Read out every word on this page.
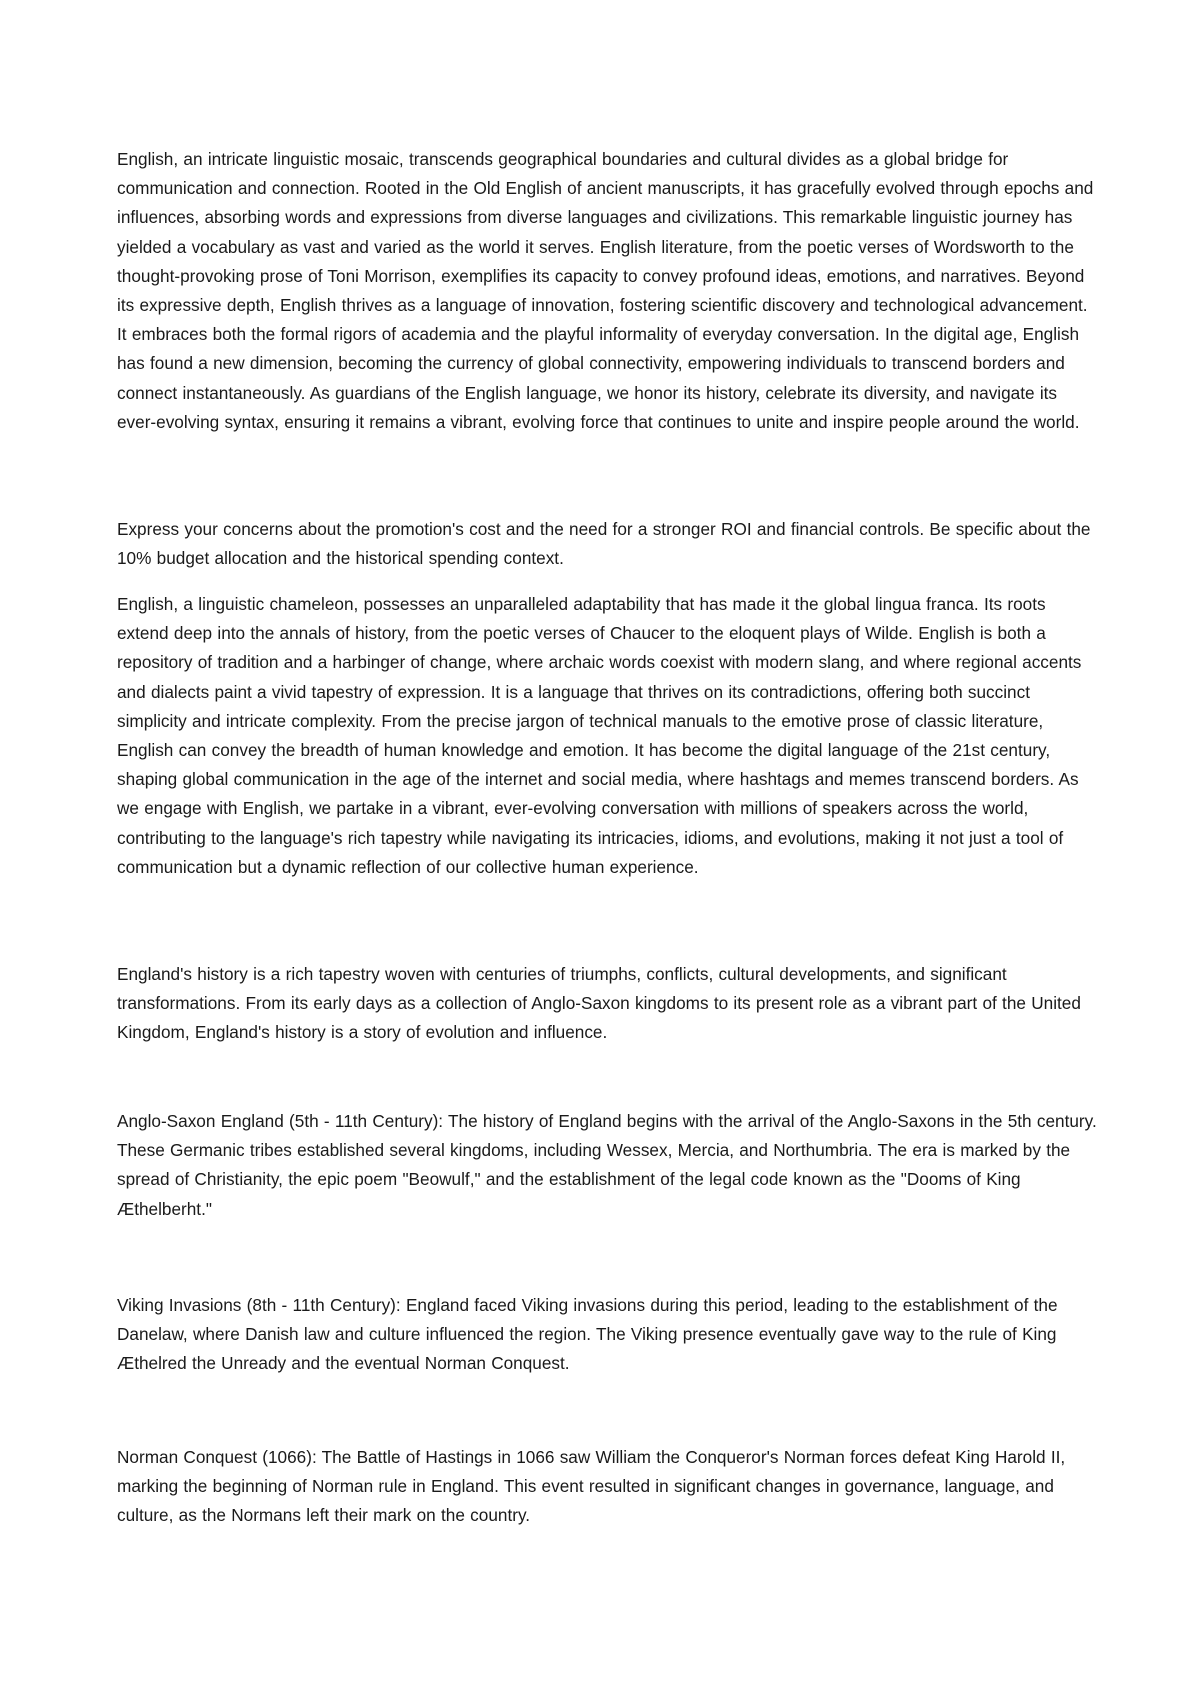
English, an intricate linguistic mosaic, transcends geographical boundaries and cultural divides as a global bridge for communication and connection. Rooted in the Old English of ancient manuscripts, it has gracefully evolved through epochs and influences, absorbing words and expressions from diverse languages and civilizations. This remarkable linguistic journey has yielded a vocabulary as vast and varied as the world it serves. English literature, from the poetic verses of Wordsworth to the thought-provoking prose of Toni Morrison, exemplifies its capacity to convey profound ideas, emotions, and narratives. Beyond its expressive depth, English thrives as a language of innovation, fostering scientific discovery and technological advancement. It embraces both the formal rigors of academia and the playful informality of everyday conversation. In the digital age, English has found a new dimension, becoming the currency of global connectivity, empowering individuals to transcend borders and connect instantaneously. As guardians of the English language, we honor its history, celebrate its diversity, and navigate its ever-evolving syntax, ensuring it remains a vibrant, evolving force that continues to unite and inspire people around the world.

Express your concerns about the promotion's cost and the need for a stronger ROI and financial controls. Be specific about the 10% budget allocation and the historical spending context.

English, a linguistic chameleon, possesses an unparalleled adaptability that has made it the global lingua franca. Its roots extend deep into the annals of history, from the poetic verses of Chaucer to the eloquent plays of Wilde. English is both a repository of tradition and a harbinger of change, where archaic words coexist with modern slang, and where regional accents and dialects paint a vivid tapestry of expression. It is a language that thrives on its contradictions, offering both succinct simplicity and intricate complexity. From the precise jargon of technical manuals to the emotive prose of classic literature, English can convey the breadth of human knowledge and emotion. It has become the digital language of the 21st century, shaping global communication in the age of the internet and social media, where hashtags and memes transcend borders. As we engage with English, we partake in a vibrant, ever-evolving conversation with millions of speakers across the world, contributing to the language's rich tapestry while navigating its intricacies, idioms, and evolutions, making it not just a tool of communication but a dynamic reflection of our collective human experience.

England's history is a rich tapestry woven with centuries of triumphs, conflicts, cultural developments, and significant transformations. From its early days as a collection of Anglo-Saxon kingdoms to its present role as a vibrant part of the United Kingdom, England's history is a story of evolution and influence.

Anglo-Saxon England (5th - 11th Century): The history of England begins with the arrival of the Anglo-Saxons in the 5th century. These Germanic tribes established several kingdoms, including Wessex, Mercia, and Northumbria. The era is marked by the spread of Christianity, the epic poem "Beowulf," and the establishment of the legal code known as the "Dooms of King Æthelberht."

Viking Invasions (8th - 11th Century): England faced Viking invasions during this period, leading to the establishment of the Danelaw, where Danish law and culture influenced the region. The Viking presence eventually gave way to the rule of King Æthelred the Unready and the eventual Norman Conquest.

Norman Conquest (1066): The Battle of Hastings in 1066 saw William the Conqueror's Norman forces defeat King Harold II, marking the beginning of Norman rule in England. This event resulted in significant changes in governance, language, and culture, as the Normans left their mark on the country.
